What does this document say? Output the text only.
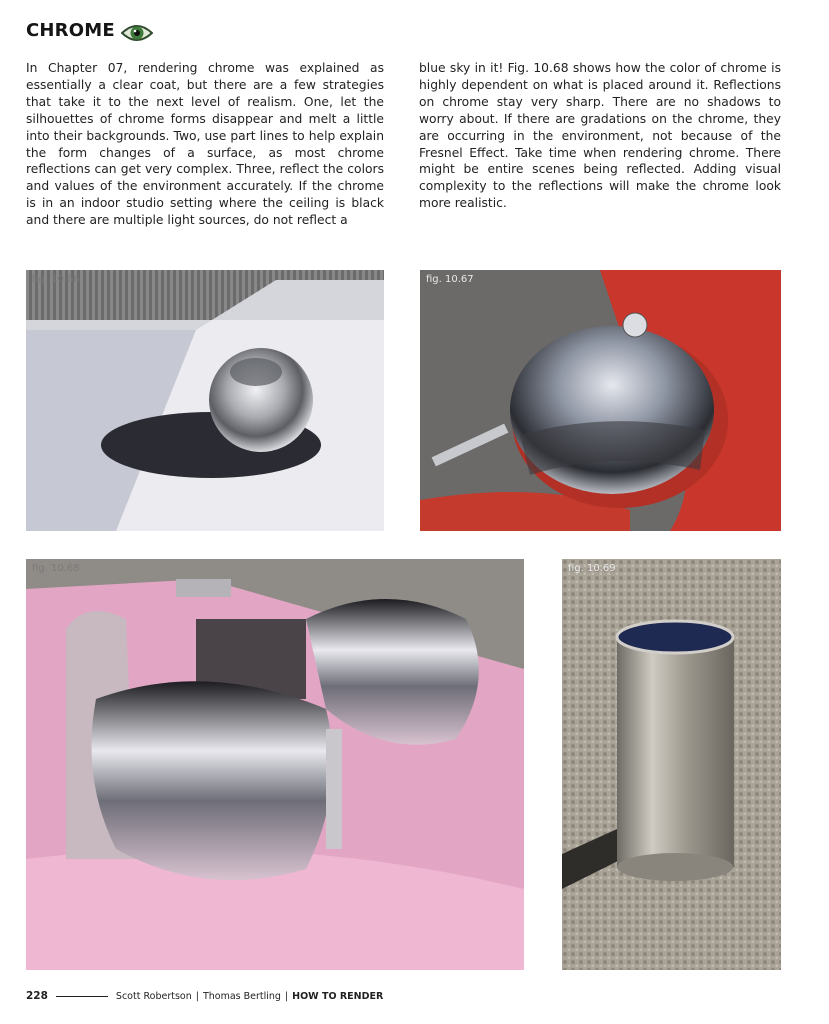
CHROME
In Chapter 07, rendering chrome was explained as essentially a clear coat, but there are a few strategies that take it to the next level of realism. One, let the silhouettes of chrome forms disappear and melt a little into their backgrounds. Two, use part lines to help explain the form changes of a surface, as most chrome reflections can get very complex. Three, reflect the colors and values of the environment accurately. If the chrome is in an indoor studio setting where the ceiling is black and there are multiple light sources, do not reflect a
blue sky in it! Fig. 10.68 shows how the color of chrome is highly dependent on what is placed around it. Reflections on chrome stay very sharp. There are no shadows to worry about. If there are gradations on the chrome, they are occurring in the environment, not because of the Fresnel Effect. Take time when rendering chrome. There might be entire scenes being reflected. Adding visual complexity to the reflections will make the chrome look more realistic.
fig. 10.66	fig. 10.67
fig. 10.68	fig. 10.69
228	Scott Robertson | Thomas Bertling | HOW TO RENDER
